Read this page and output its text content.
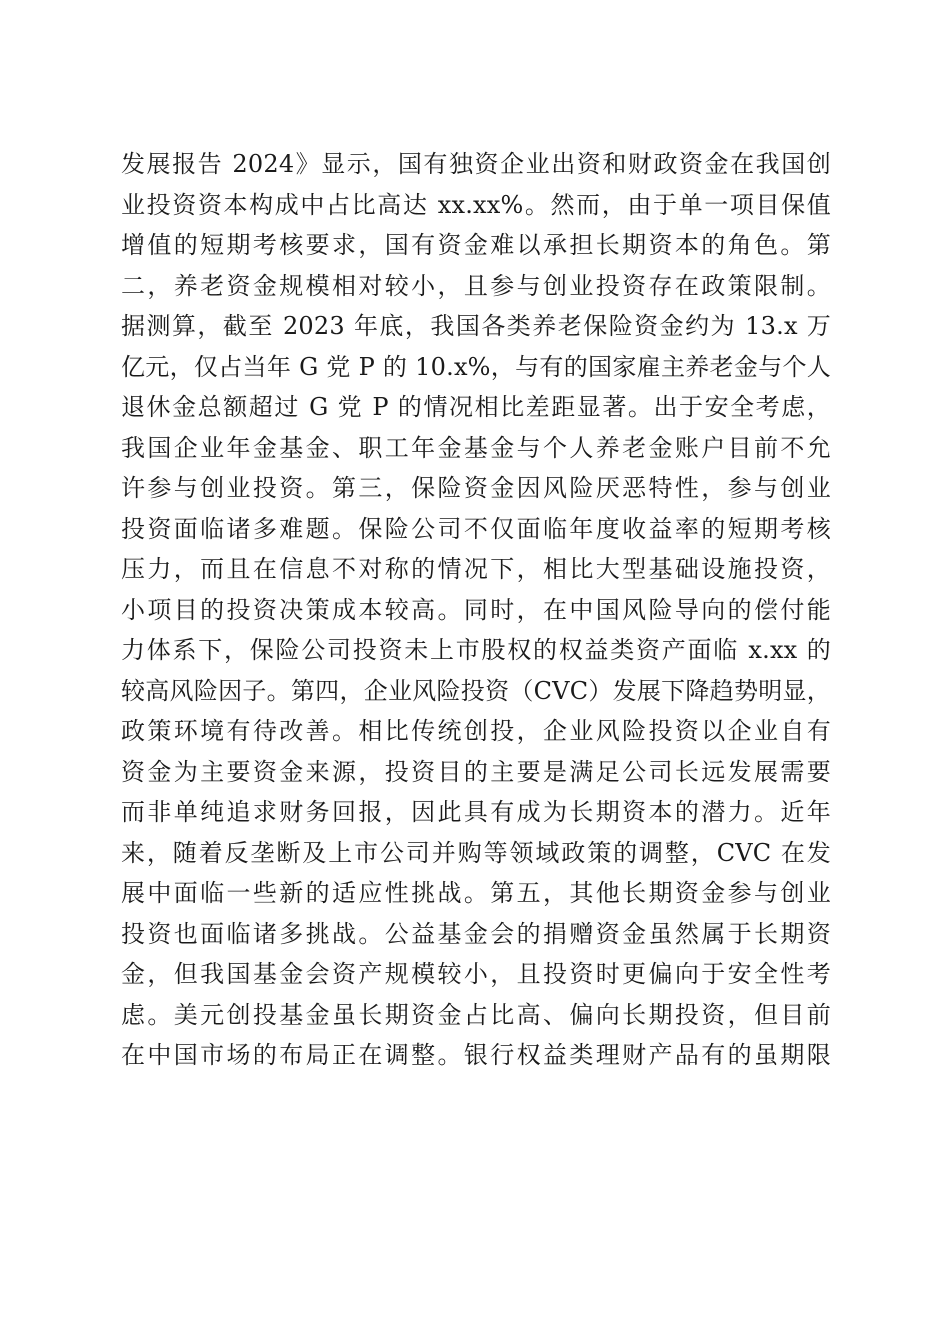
发展报告 2024》显示，国有独资企业出资和财政资金在我国创
业投资资本构成中占比高达 xx.xx%。然而，由于单一项目保值
增值的短期考核要求，国有资金难以承担长期资本的角色。第
二，养老资金规模相对较小，且参与创业投资存在政策限制。
据测算，截至 2023 年底，我国各类养老保险资金约为 13.x 万
亿元，仅占当年 G 党 P 的 10.x%，与有的国家雇主养老金与个人
退休金总额超过 G 党 P 的情况相比差距显著。出于安全考虑，
我国企业年金基金、职工年金基金与个人养老金账户目前不允
许参与创业投资。第三，保险资金因风险厌恶特性，参与创业
投资面临诸多难题。保险公司不仅面临年度收益率的短期考核
压力，而且在信息不对称的情况下，相比大型基础设施投资，
小项目的投资决策成本较高。同时，在中国风险导向的偿付能
力体系下，保险公司投资未上市股权的权益类资产面临 x.xx 的
较高风险因子。第四，企业风险投资（CVC）发展下降趋势明显，
政策环境有待改善。相比传统创投，企业风险投资以企业自有
资金为主要资金来源，投资目的主要是满足公司长远发展需要
而非单纯追求财务回报，因此具有成为长期资本的潜力。近年
来，随着反垄断及上市公司并购等领域政策的调整，CVC 在发
展中面临一些新的适应性挑战。第五，其他长期资金参与创业
投资也面临诸多挑战。公益基金会的捐赠资金虽然属于长期资
金，但我国基金会资产规模较小，且投资时更偏向于安全性考
虑。美元创投基金虽长期资金占比高、偏向长期投资，但目前
在中国市场的布局正在调整。银行权益类理财产品有的虽期限
